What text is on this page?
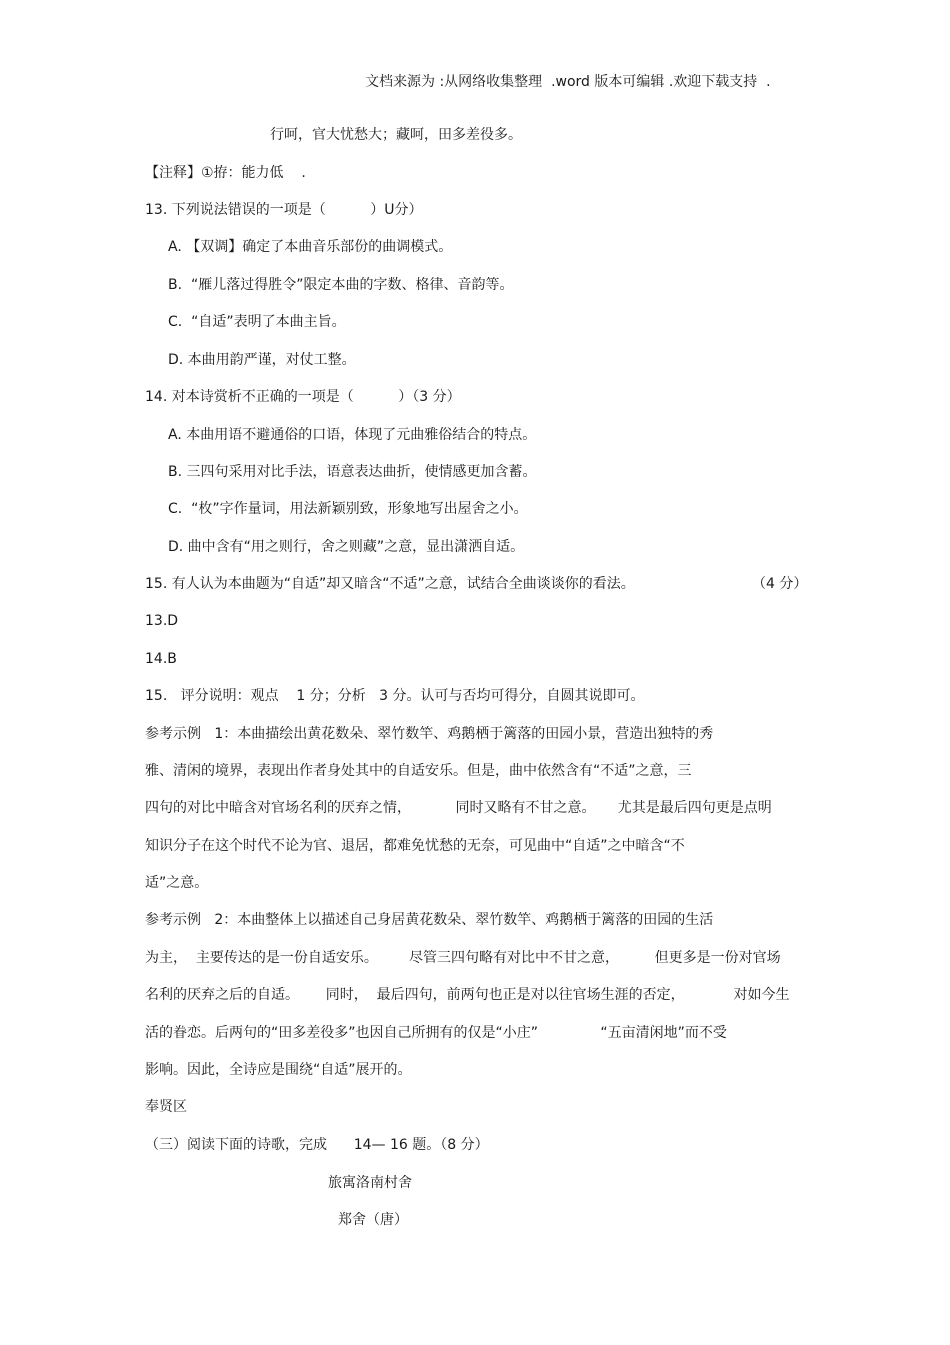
文档来源为 :从网络收集整理  .word 版本可编辑 .欢迎下载支持  .
行呵，官大忧愁大；藏呵，田多差役多。
【注释】①拵：能力低    .
13. 下列说法错误的一项是（          ）U分）
A. 【双调】确定了本曲音乐部份的曲调模式。
B.  “雁儿落过得胜令”限定本曲的字数、格律、音韵等。
C.  “自适”表明了本曲主旨。
D. 本曲用韵严谨，对仗工整。
14. 对本诗赏析不正确的一项是（          ）（3 分）
A. 本曲用语不避通俗的口语，体现了元曲雅俗结合的特点。
B. 三四句采用对比手法，语意表达曲折，使情感更加含蓄。
C.  “枚”字作量词，用法新颖别致，形象地写出屋舍之小。
D. 曲中含有“用之则行，舍之则藏”之意，显出潇洒自适。
15. 有人认为本曲题为“自适”却又暗含“不适”之意，试结合全曲谈谈你的看法。	（4 分）
13.D
14.B
15.   评分说明：观点    1 分；分析   3 分。认可与否均可得分，自圆其说即可。
参考示例   1：本曲描绘出黄花数朵、翠竹数竿、鸡鹅栖于篱落的田园小景，营造出独特的秀
雅、清闲的境界，表现出作者身处其中的自适安乐。但是，曲中依然含有“不适”之意，三
四句的对比中暗含对官场名利的厌弃之情，          同时又略有不甘之意。     尤其是最后四句更是点明
知识分子在这个时代不论为官、退居，都难免忧愁的无奈，可见曲中“自适”之中暗含“不
适”之意。
参考示例   2：本曲整体上以描述自己身居黄花数朵、翠竹数竿、鸡鹅栖于篱落的田园的生活
为主，  主要传达的是一份自适安乐。       尽管三四句略有对比中不甘之意，        但更多是一份对官场
名利的厌弃之后的自适。      同时，  最后四句，前两句也正是对以往官场生涯的否定，           对如今生
活的眷恋。后两句的“田多差役多”也因自己所拥有的仅是“小庄”              “五亩清闲地”而不受
影响。因此，全诗应是围绕“自适”展开的。
奉贤区
（三）阅读下面的诗歌，完成      14— 16 题。（8 分）
旅寓洛南村舍
郑舍（唐）
